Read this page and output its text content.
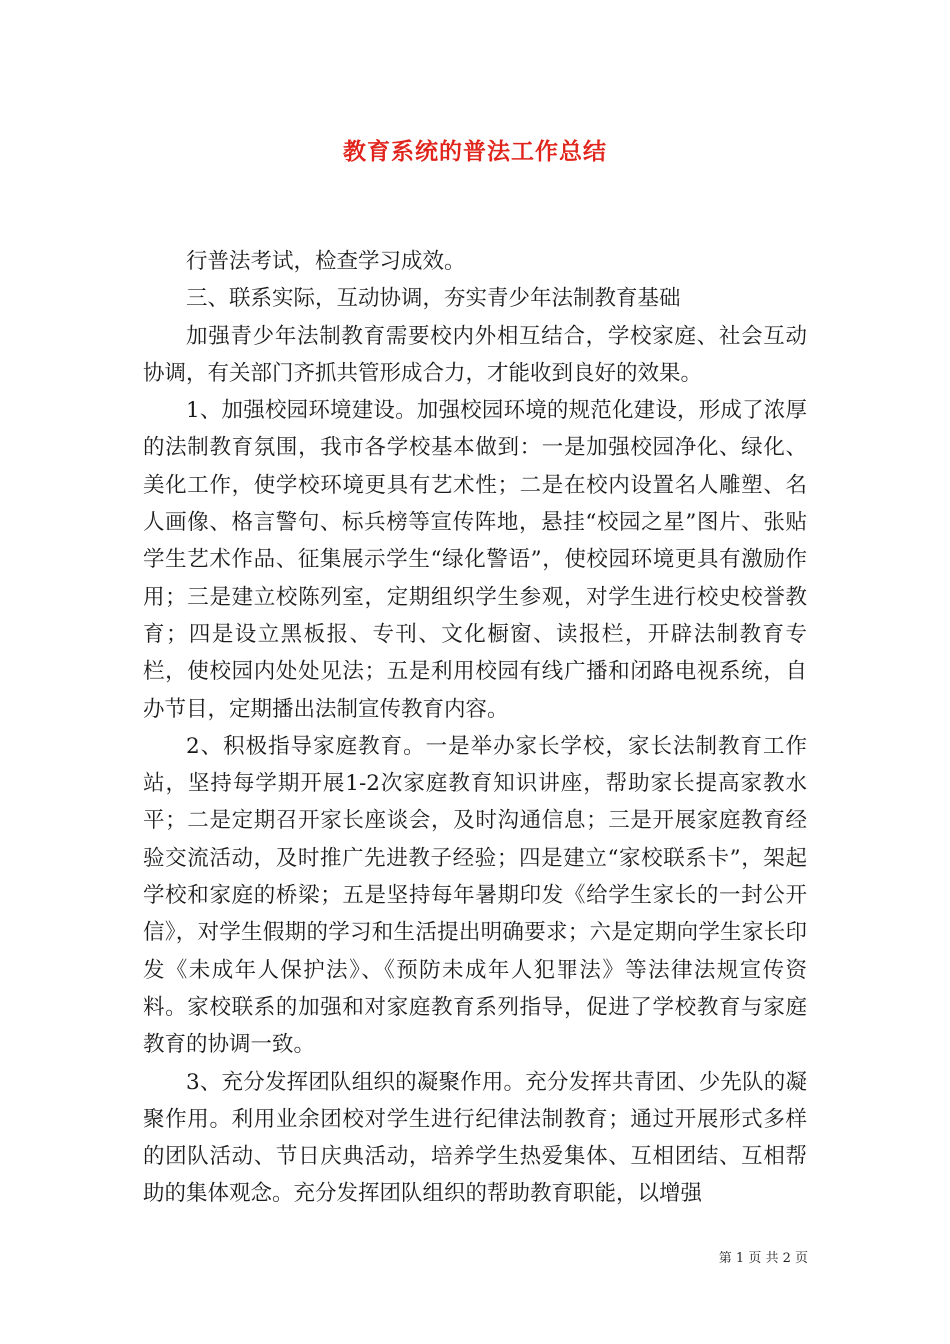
教育系统的普法工作总结

行普法考试，检查学习成效。

三、联系实际，互动协调，夯实青少年法制教育基础

加强青少年法制教育需要校内外相互结合，学校家庭、社会互动协调，有关部门齐抓共管形成合力，才能收到良好的效果。

1、加强校园环境建设。加强校园环境的规范化建设，形成了浓厚的法制教育氛围，我市各学校基本做到：一是加强校园净化、绿化、美化工作，使学校环境更具有艺术性；二是在校内设置名人雕塑、名人画像、格言警句、标兵榜等宣传阵地，悬挂“校园之星”图片、张贴学生艺术作品、征集展示学生“绿化警语”，使校园环境更具有激励作用；三是建立校陈列室，定期组织学生参观，对学生进行校史校誉教育；四是设立黑板报、专刊、文化橱窗、读报栏，开辟法制教育专栏，使校园内处处见法；五是利用校园有线广播和闭路电视系统，自办节目，定期播出法制宣传教育内容。

2、积极指导家庭教育。一是举办家长学校，家长法制教育工作站，坚持每学期开展1-2次家庭教育知识讲座，帮助家长提高家教水平；二是定期召开家长座谈会，及时沟通信息；三是开展家庭教育经验交流活动，及时推广先进教子经验；四是建立“家校联系卡”，架起学校和家庭的桥梁；五是坚持每年暑期印发《给学生家长的一封公开信》，对学生假期的学习和生活提出明确要求；六是定期向学生家长印发《未成年人保护法》、《预防未成年人犯罪法》等法律法规宣传资料。家校联系的加强和对家庭教育系列指导，促进了学校教育与家庭教育的协调一致。

3、充分发挥团队组织的凝聚作用。充分发挥共青团、少先队的凝聚作用。利用业余团校对学生进行纪律法制教育；通过开展形式多样的团队活动、节日庆典活动，培养学生热爱集体、互相团结、互相帮助的集体观念。充分发挥团队组织的帮助教育职能，以增强

第 1 页 共 2 页
